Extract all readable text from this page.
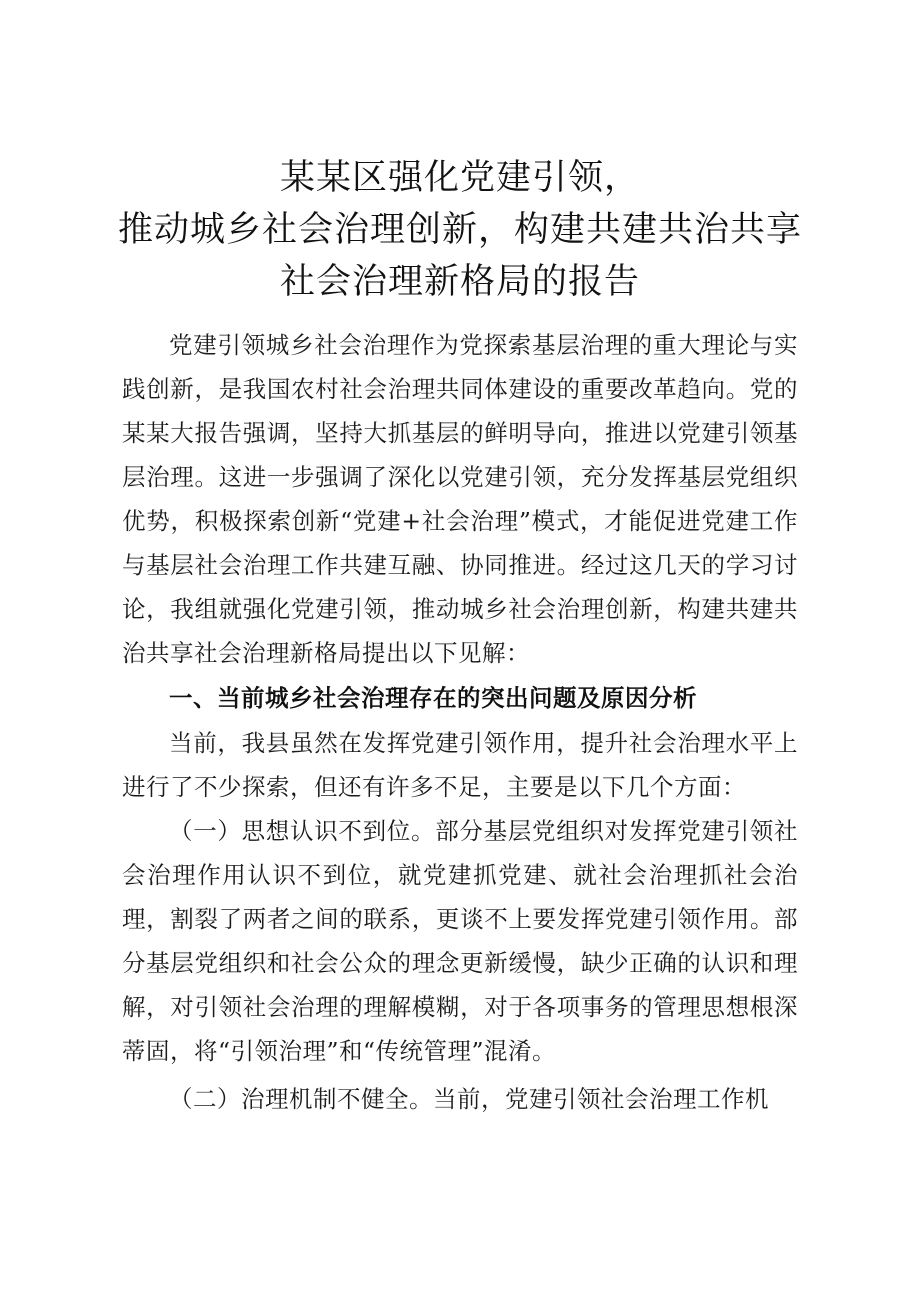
某某区强化党建引领，
推动城乡社会治理创新，构建共建共治共享
社会治理新格局的报告

党建引领城乡社会治理作为党探索基层治理的重大理论与实践创新，是我国农村社会治理共同体建设的重要改革趋向。党的某某大报告强调，坚持大抓基层的鲜明导向，推进以党建引领基层治理。这进一步强调了深化以党建引领，充分发挥基层党组织优势，积极探索创新“党建+社会治理”模式，才能促进党建工作与基层社会治理工作共建互融、协同推进。经过这几天的学习讨论，我组就强化党建引领，推动城乡社会治理创新，构建共建共治共享社会治理新格局提出以下见解：

一、当前城乡社会治理存在的突出问题及原因分析

当前，我县虽然在发挥党建引领作用，提升社会治理水平上进行了不少探索，但还有许多不足，主要是以下几个方面：

（一）思想认识不到位。部分基层党组织对发挥党建引领社会治理作用认识不到位，就党建抓党建、就社会治理抓社会治理，割裂了两者之间的联系，更谈不上要发挥党建引领作用。部分基层党组织和社会公众的理念更新缓慢，缺少正确的认识和理解，对引领社会治理的理解模糊，对于各项事务的管理思想根深蒂固，将“引领治理”和“传统管理”混淆。

（二）治理机制不健全。当前，党建引领社会治理工作机
